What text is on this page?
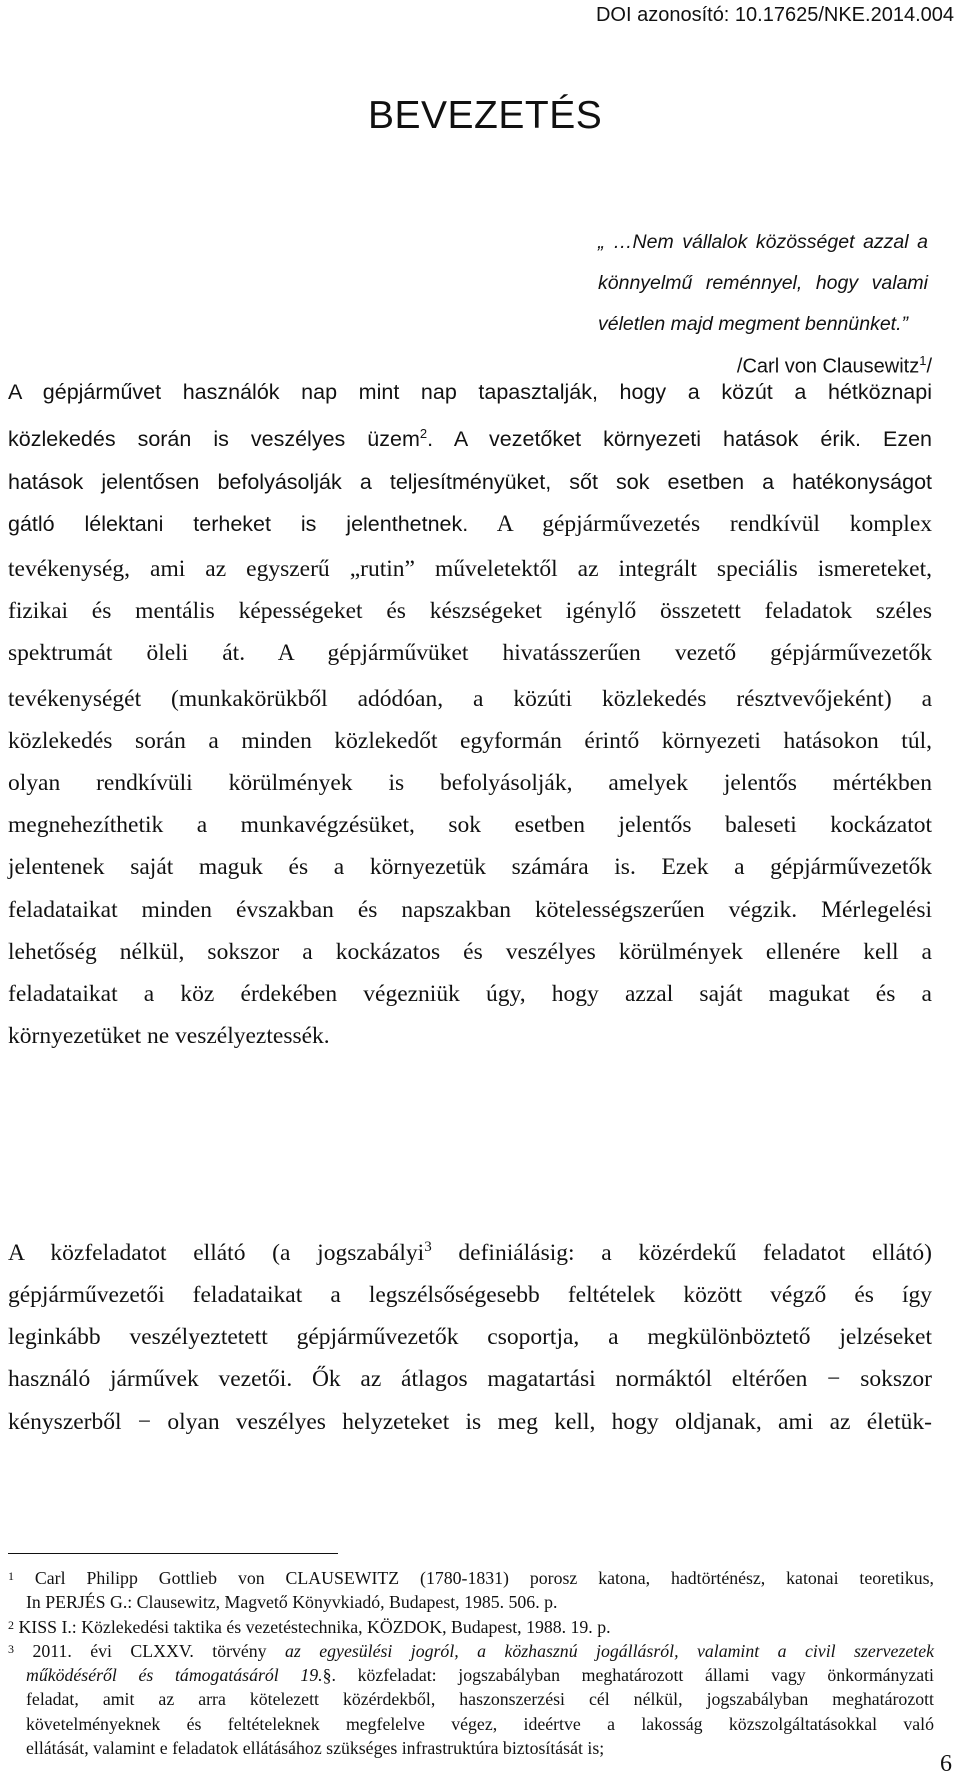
DOI azonosító: 10.17625/NKE.2014.004
BEVEZETÉS
„ …Nem vállalok közösséget azzal a
könnyelmű reménnyel, hogy valami
véletlen majd megment bennünket.”
/Carl von Clausewitz$^1$/
A gépjárművet használók nap mint nap tapasztalják, hogy a közút a hétköznapi
közlekedés során is veszélyes üzem$^2$. A vezetőket környezeti hatások érik. Ezen
hatások jelentősen befolyásolják a teljesítményüket, sőt sok esetben a hatékonyságot
gátló lélektani terheket is jelenthetnek. A gépjárművezetés rendkívül komplex
tevékenység, ami az egyszerű „rutin” műveletektől az integrált speciális ismereteket,
fizikai és mentális képességeket és készségeket igénylő összetett feladatok széles
spektrumát öleli át. A gépjárművüket hivatásszerűen vezető gépjárművezetők
tevékenységét (munkakörükből adódóan, a közúti közlekedés résztvevőjeként) a
közlekedés során a minden közlekedőt egyformán érintő környezeti hatásokon túl,
olyan rendkívüli körülmények is befolyásolják, amelyek jelentős mértékben
megnehezíthetik a munkavégzésüket, sok esetben jelentős baleseti kockázatot
jelentenek saját maguk és a környezetük számára is. Ezek a gépjárművezetők
feladataikat minden évszakban és napszakban kötelességszerűen végzik. Mérlegelési
lehetőség nélkül, sokszor a kockázatos és veszélyes körülmények ellenére kell a
feladataikat a köz érdekében végezniük úgy, hogy azzal saját magukat és a
környezetüket ne veszélyeztessék.
A közfeladatot ellátó (a jogszabályi$^3$ definiálásig: a közérdekű feladatot ellátó)
gépjárművezetői feladataikat a legszélsőségesebb feltételek között végző és így
leginkább veszélyeztetett gépjárművezetők csoportja, a megkülönböztető jelzéseket
használó járművek vezetői. Ők az átlagos magatartási normáktól eltérően − sokszor
kényszerből − olyan veszélyes helyzeteket is meg kell, hogy oldjanak, ami az életük-
$^1$ Carl Philipp Gottlieb von CLAUSEWITZ (1780-1831) porosz katona, hadtörténész, katonai teoretikus,
In PERJÉS G.: Clausewitz, Magvető Könyvkiadó, Budapest, 1985. 506. p.
$^2$ KISS I.: Közlekedési taktika és vezetéstechnika, KÖZDOK, Budapest, 1988. 19. p.
$^3$ 2011. évi CLXXV. törvény az egyesülési jogról, a közhasznú jogállásról, valamint a civil szervezetek
működéséről és támogatásáról 19.§. közfeladat: jogszabályban meghatározott állami vagy önkormányzati
feladat, amit az arra kötelezett közérdekből, haszonszerzési cél nélkül, jogszabályban meghatározott
követelményeknek és feltételeknek megfelelve végez, ideértve a lakosság közszolgáltatásokkal való
ellátását, valamint e feladatok ellátásához szükséges infrastruktúra biztosítását is;
6
